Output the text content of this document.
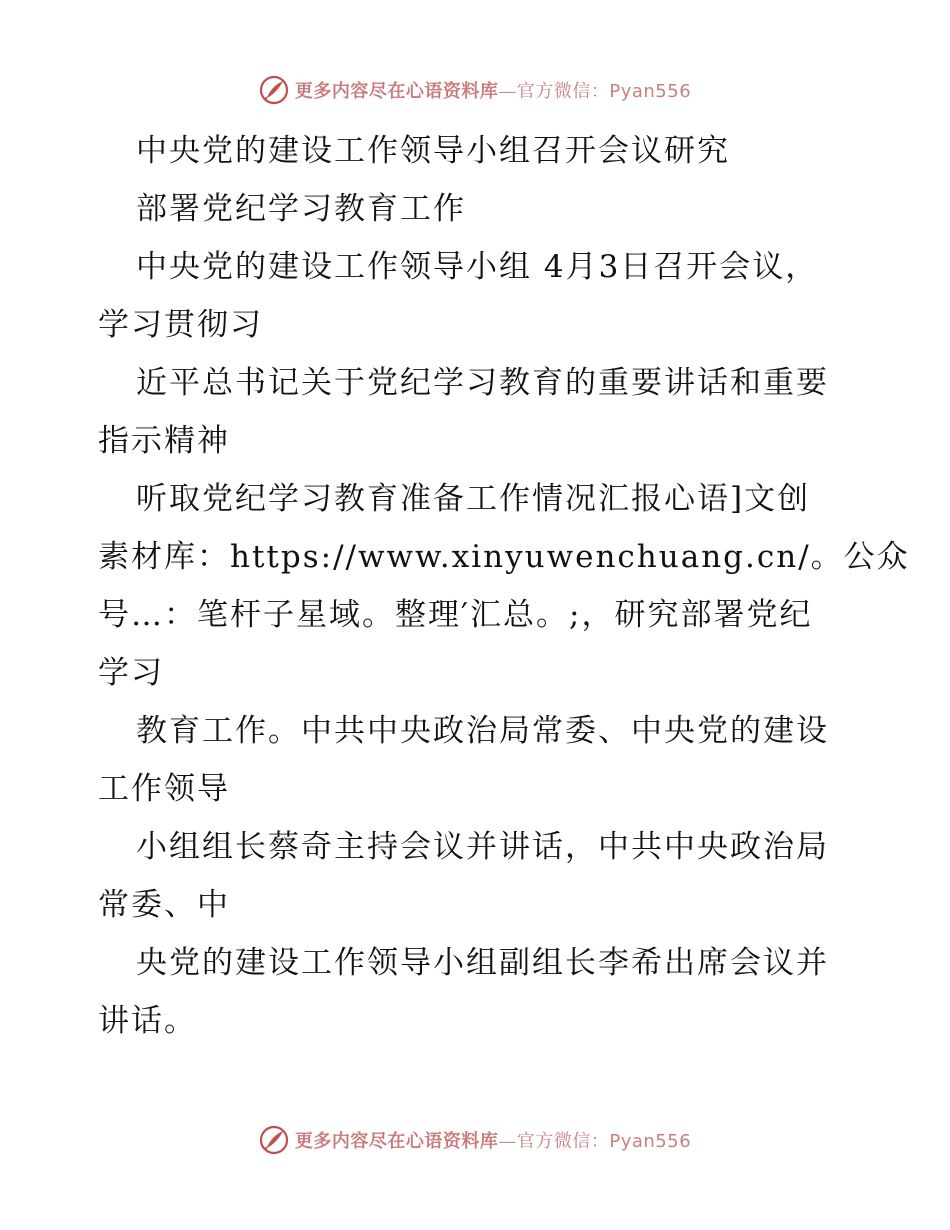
更多内容尽在心语资料库—官方微信：Pyan556
中央党的建设工作领导小组召开会议研究
部署党纪学习教育工作
中央党的建设工作领导小组 4月3日召开会议，
学习贯彻习
近平总书记关于党纪学习教育的重要讲话和重要
指示精神
听取党纪学习教育准备工作情况汇报心语]文创
素材库：https://www.xinyuwenchuang.cn/。公众
号…：笔杆子星域。整理′汇总。;，研究部署党纪
学习
教育工作。中共中央政治局常委、中央党的建设
工作领导
小组组长蔡奇主持会议并讲话，中共中央政治局
常委、中
央党的建设工作领导小组副组长李希出席会议并
讲话。
更多内容尽在心语资料库—官方微信：Pyan556
